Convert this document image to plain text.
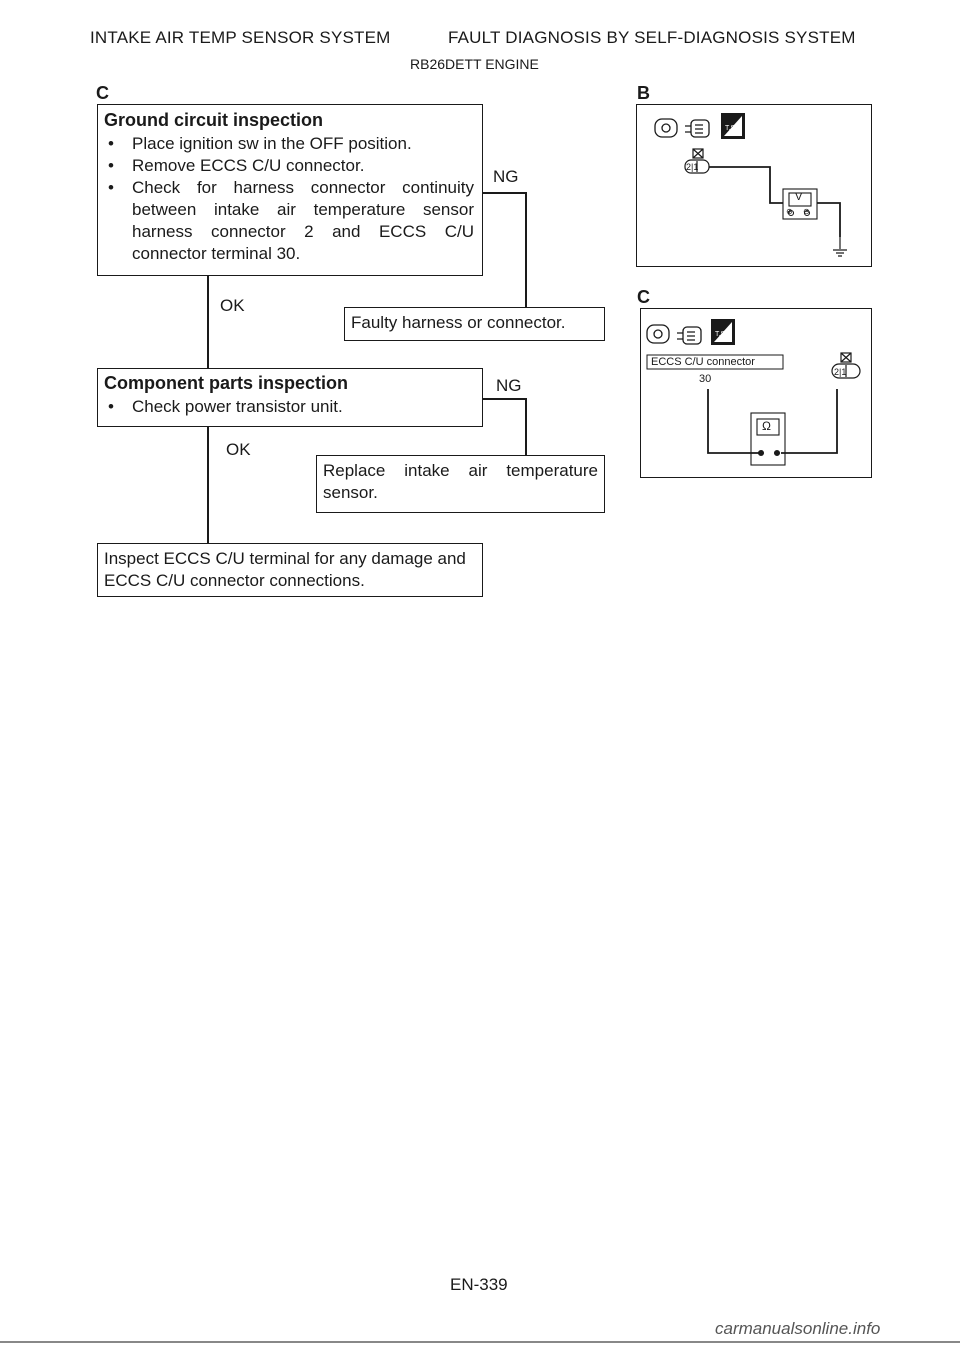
INTAKE AIR TEMP SENSOR SYSTEM	FAULT DIAGNOSIS BY SELF-DIAGNOSIS SYSTEM
RB26DETT ENGINE
C
Ground circuit inspection
• Place ignition sw in the OFF position.
• Remove ECCS C/U connector.
• Check for harness connector continuity between intake air temperature sensor harness connector 2 and ECCS C/U connector terminal 30.
NG
OK
Faulty harness or connector.
Component parts inspection
• Check power transistor unit.
NG
OK
Replace intake air temperature sensor.
Inspect ECCS C/U terminal for any damage and ECCS C/U connector connections.
B
T.S.
2|1
V
⊕ ⊖
C
T.S.
ECCS C/U connector
30
2|1
Ω
EN-339
carmanualsonline.info
